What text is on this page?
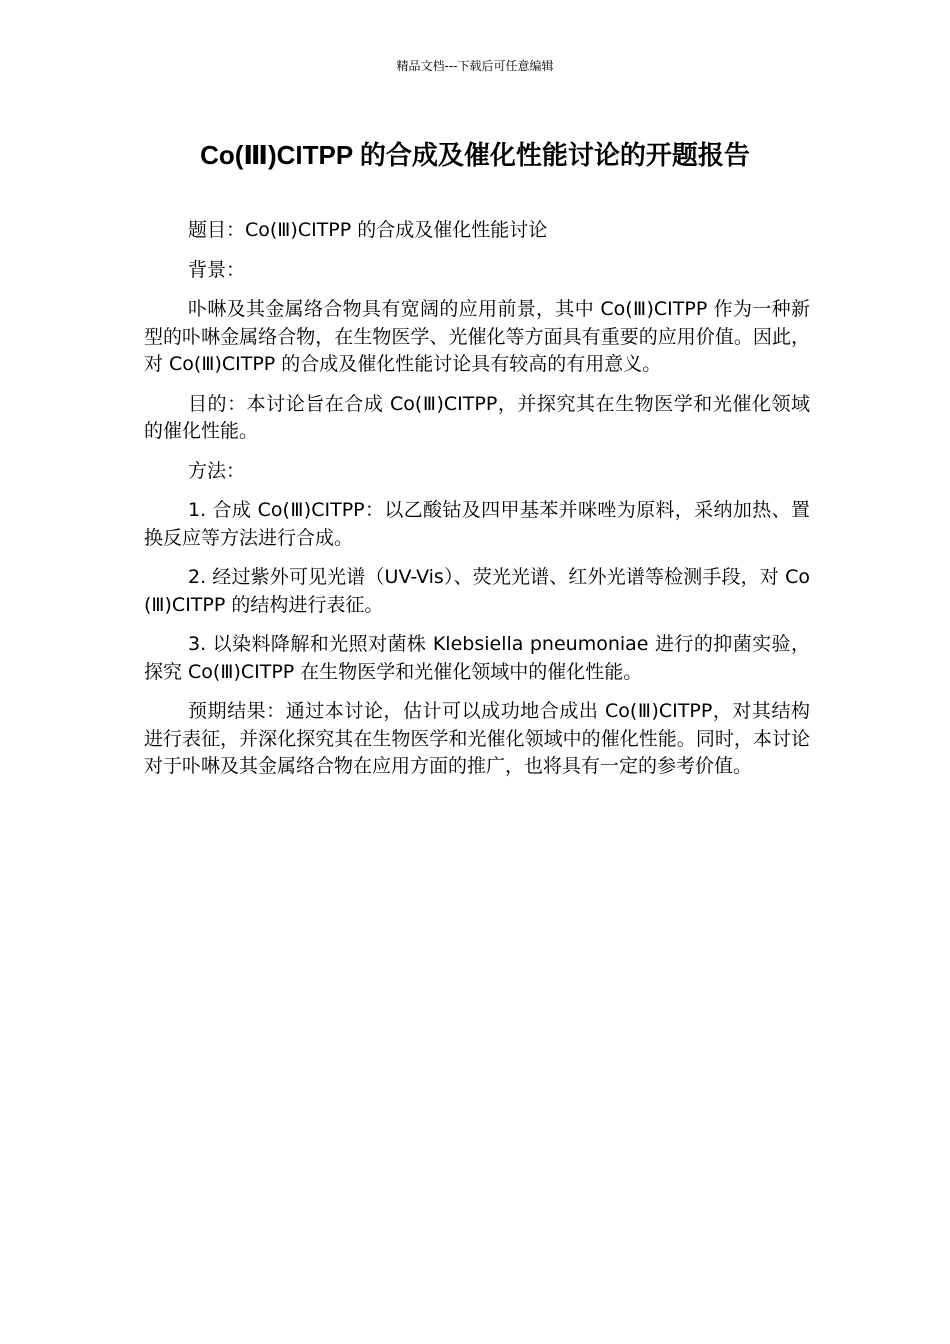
精品文档---下载后可任意编辑
Co(Ⅲ)CITPP 的合成及催化性能讨论的开题报告

题目：Co(Ⅲ)CITPP 的合成及催化性能讨论

背景：

卟啉及其金属络合物具有宽阔的应用前景，其中 Co(Ⅲ)CITPP 作为一种新型的卟啉金属络合物，在生物医学、光催化等方面具有重要的应用价值。因此，对 Co(Ⅲ)CITPP 的合成及催化性能讨论具有较高的有用意义。

目的：本讨论旨在合成 Co(Ⅲ)CITPP，并探究其在生物医学和光催化领域的催化性能。

方法：

1. 合成 Co(Ⅲ)CITPP：以乙酸钴及四甲基苯并咪唑为原料，采纳加热、置换反应等方法进行合成。

2. 经过紫外可见光谱（UV-Vis）、荧光光谱、红外光谱等检测手段，对 Co(Ⅲ)CITPP 的结构进行表征。

3. 以染料降解和光照对菌株 Klebsiella pneumoniae 进行的抑菌实验，探究 Co(Ⅲ)CITPP 在生物医学和光催化领域中的催化性能。

预期结果：通过本讨论，估计可以成功地合成出 Co(Ⅲ)CITPP，对其结构进行表征，并深化探究其在生物医学和光催化领域中的催化性能。同时，本讨论对于卟啉及其金属络合物在应用方面的推广，也将具有一定的参考价值。
